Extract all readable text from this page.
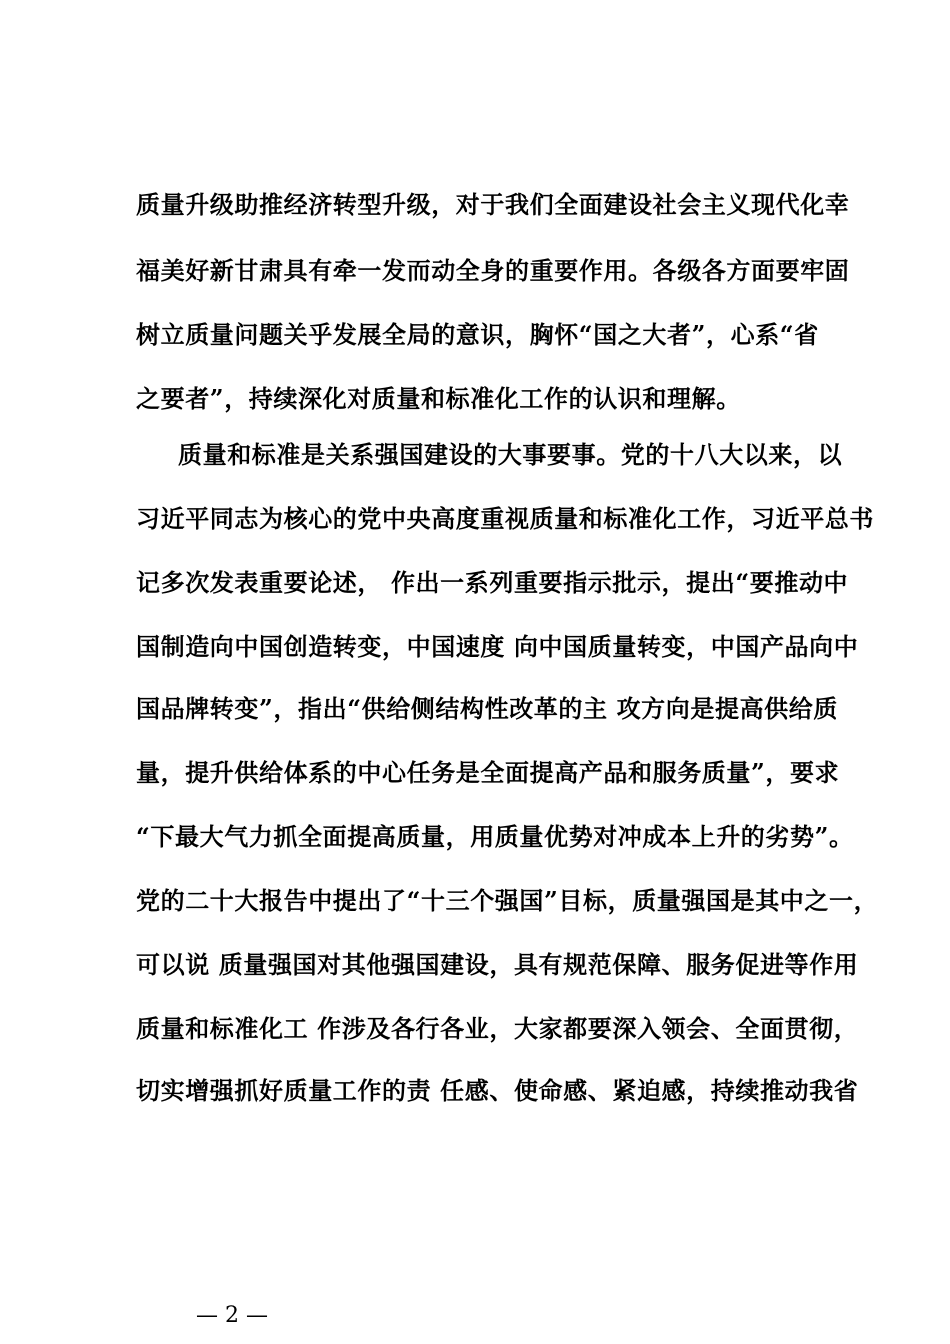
质量升级助推经济转型升级，对于我们全面建设社会主义现代化幸
福美好新甘肃具有牵一发而动全身的重要作用。各级各方面要牢固
树立质量问题关乎发展全局的意识，胸怀“国之大者”，心系“省
之要者”，持续深化对质量和标准化工作的认识和理解。
质量和标准是关系强国建设的大事要事。党的十八大以来，以
习近平同志为核心的党中央高度重视质量和标准化工作，习近平总书
记多次发表重要论述， 作出一系列重要指示批示，提出“要推动中
国制造向中国创造转变，中国速度 向中国质量转变，中国产品向中
国品牌转变”，指出“供给侧结构性改革的主 攻方向是提高供给质
量，提升供给体系的中心任务是全面提高产品和服务质量”，要求
“下最大气力抓全面提高质量，用质量优势对冲成本上升的劣势”。
党的二十大报告中提出了“十三个强国”目标，质量强国是其中之一，
可以说 质量强国对其他强国建设，具有规范保障、服务促进等作用
质量和标准化工 作涉及各行各业，大家都要深入领会、全面贯彻，
切实增强抓好质量工作的责 任感、使命感、紧迫感，持续推动我省
— 2 —
